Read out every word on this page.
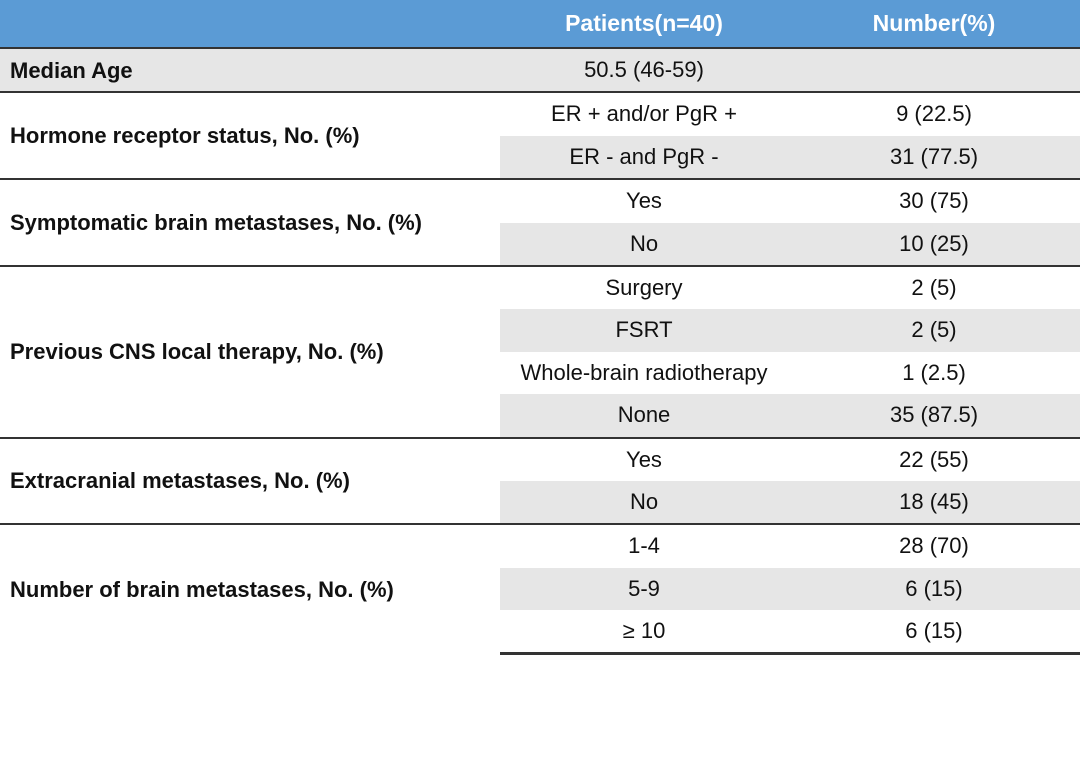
	Patients(n=40)	Number(%)
Median Age	50.5 (46-59)	
Hormone receptor status, No. (%)	ER + and/or PgR +	9 (22.5)
	ER - and PgR -	31 (77.5)
Symptomatic brain metastases, No. (%)	Yes	30 (75)
	No	10 (25)
Previous CNS local therapy, No. (%)	Surgery	2 (5)
	FSRT	2 (5)
	Whole-brain radiotherapy	1 (2.5)
	None	35 (87.5)
Extracranial metastases, No. (%)	Yes	22 (55)
	No	18 (45)
Number of brain metastases, No. (%)	1-4	28 (70)
	5-9	6 (15)
	≥ 10	6 (15)
